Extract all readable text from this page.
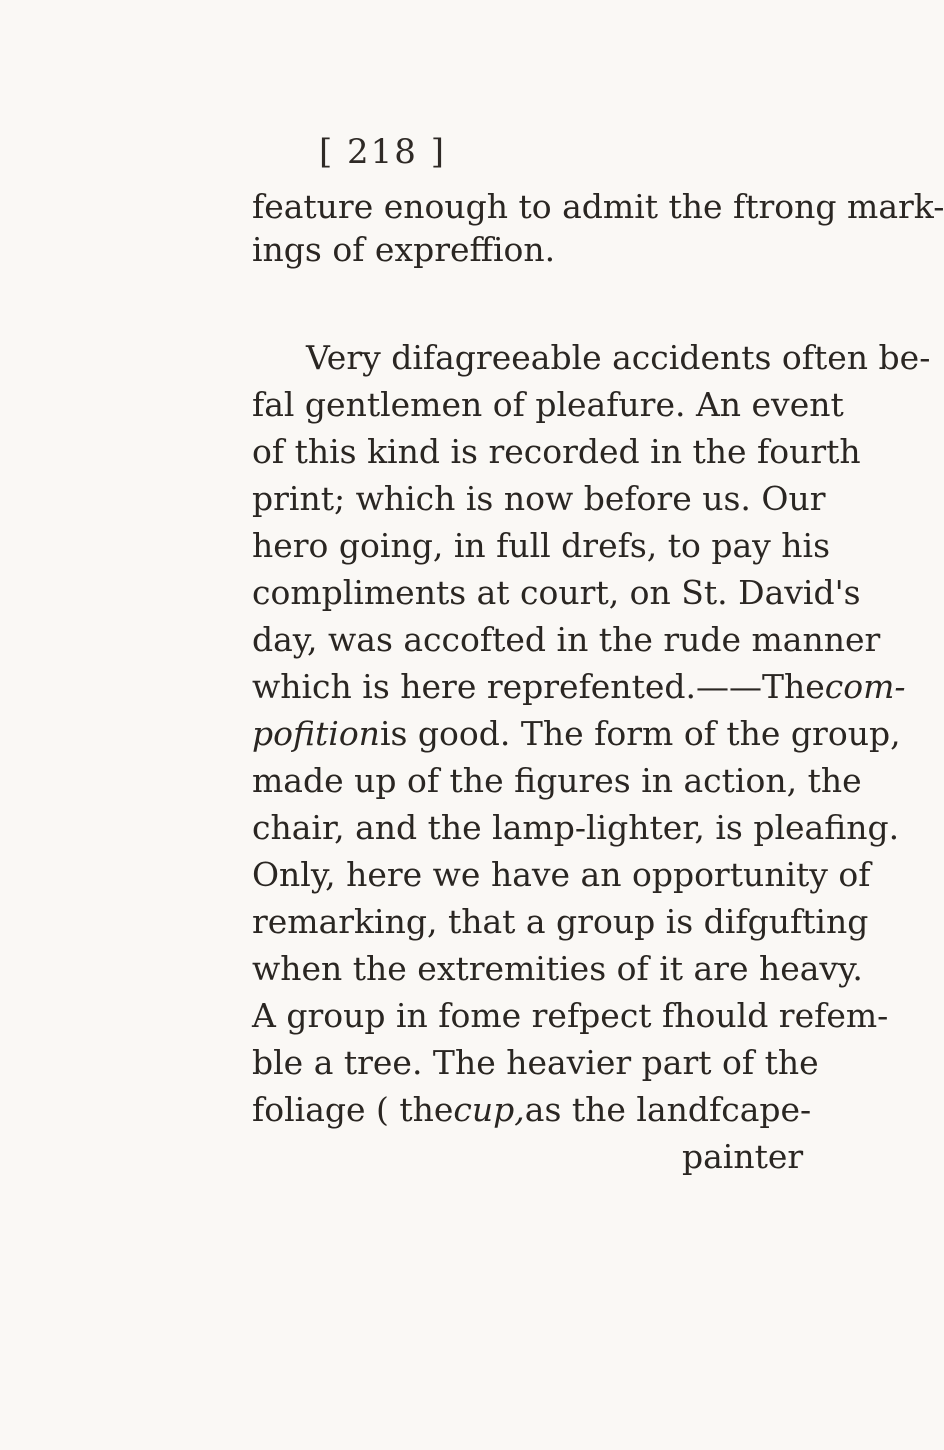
[ 218 ]
feature enough to admit the ftrong mark-
ings of expreffion.
Very difagreeable accidents often be-
fal gentlemen of pleafure. An event
of this kind is recorded in the fourth
print; which is now before us. Our
hero going, in full drefs, to pay his
compliments at court, on St. David's
day, was accofted in the rude manner
which is here reprefented.——The com-
pofition is good. The form of the group,
made up of the figures in action, the
chair, and the lamp-lighter, is pleafing.
Only, here we have an opportunity of
remarking, that a group is difgufting
when the extremities of it are heavy.
A group in fome refpect fhould refem-
ble a tree. The heavier part of the
foliage ( the cup, as the landfcape-
painter
